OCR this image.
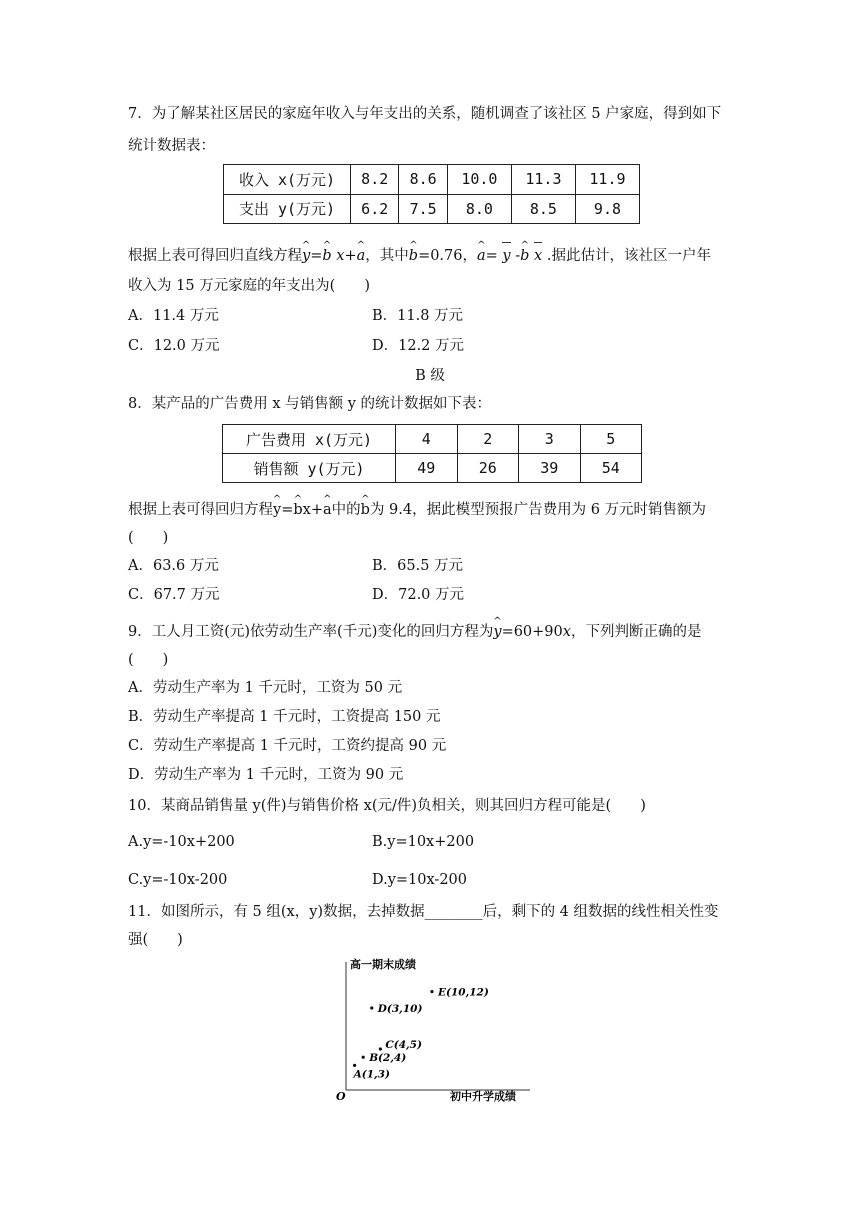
7．为了解某社区居民的家庭年收入与年支出的关系，随机调查了该社区 5 户家庭，得到如下
统计数据表：
收入 x(万元)	8.2	8.6	10.0	11.3	11.9
支出 y(万元)	6.2	7.5	8.0	8.5	9.8
根据上表可得回归直线方程^ y=^ b x+^ a，其中^ b=0.76，^ a= y -^ b x .据此估计，该社区一户年
收入为 15 万元家庭的年支出为(　　)
A．11.4 万元	B．11.8 万元
C．12.0 万元	D．12.2 万元
B 级
8．某产品的广告费用 x 与销售额 y 的统计数据如下表：
广告费用 x(万元)	4	2	3	5
销售额 y(万元)	49	26	39	54
根据上表可得回归方程^ y=^ bx+^ a中的^ b为 9.4，据此模型预报广告费用为 6 万元时销售额为
(　　)
A．63.6 万元	B．65.5 万元
C．67.7 万元	D．72.0 万元
9．工人月工资(元)依劳动生产率(千元)变化的回归方程为^ y=60+90x，下列判断正确的是
(　　)
A．劳动生产率为 1 千元时，工资为 50 元
B．劳动生产率提高 1 千元时，工资提高 150 元
C．劳动生产率提高 1 千元时，工资约提高 90 元
D．劳动生产率为 1 千元时，工资为 90 元
10．某商品销售量 y(件)与销售价格 x(元/件)负相关，则其回归方程可能是(　　)
A.y=-10x+200	B.y=10x+200
C.y=-10x-200	D.y=10x-200
11．如图所示，有 5 组(x，y)数据，去掉数据________后，剩下的 4 组数据的线性相关性变
强(　　)
高一期末成绩
初中升学成绩
O
A(1,3)
B(2,4)
C(4,5)
D(3,10)
E(10,12)
